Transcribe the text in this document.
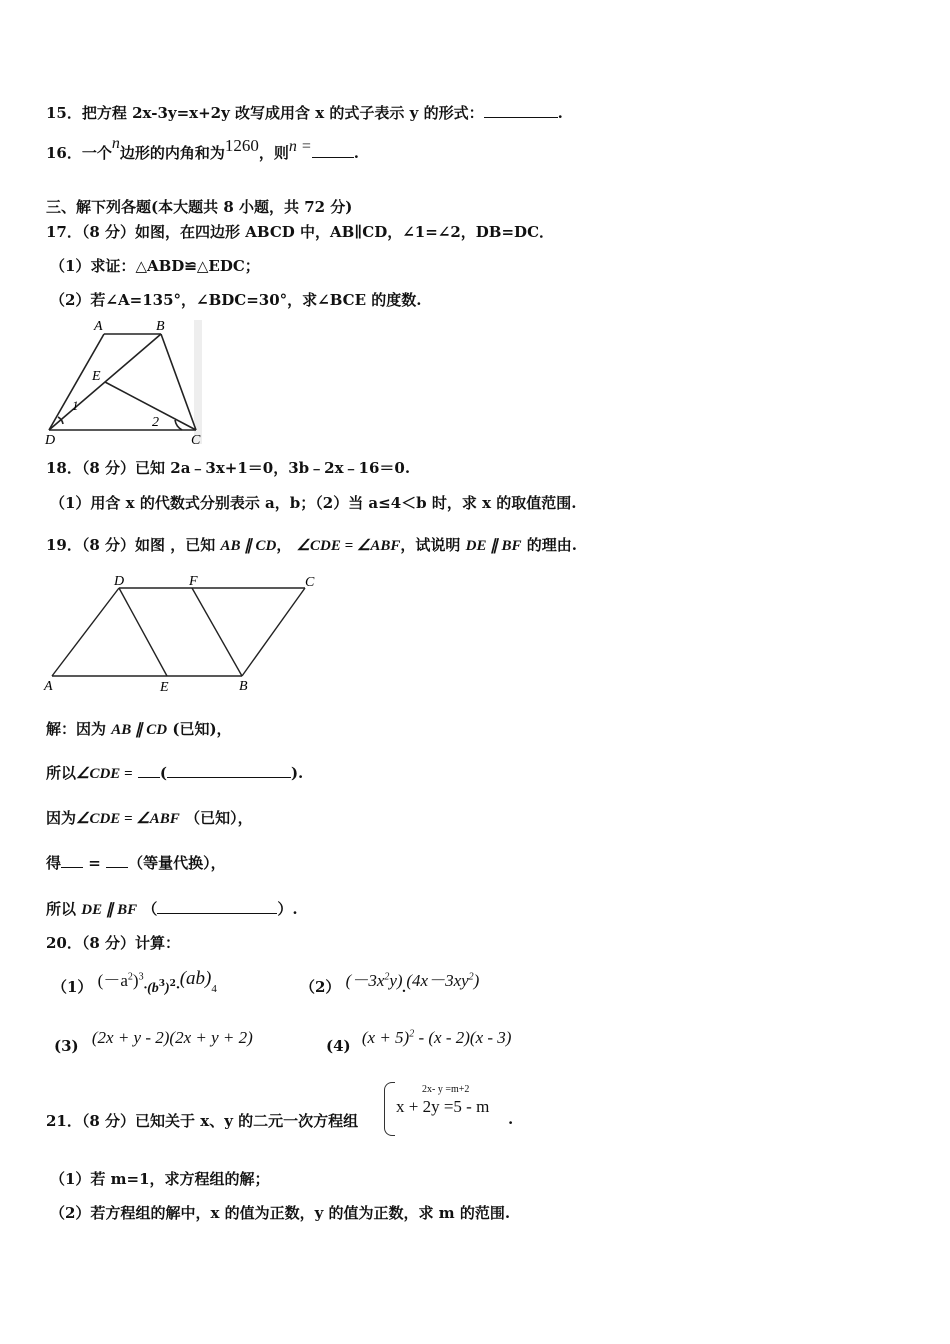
15．把方程 2x-3y=x+2y 改写成用含 x 的式子表示 y 的形式：	.
16．一个n边形的内角和为1260，则n =	.
三、解下列各题(本大题共 8 小题，共 72 分)
17．（8 分）如图，在四边形 ABCD 中，AB∥CD，∠1=∠2，DB=DC．
（1）求证：△ABD≌△EDC；
（2）若∠A=135°，∠BDC=30°，求∠BCE 的度数.
A	B
C
D
E
1
2
18．（8 分）已知 2a﹣3x+1＝0，3b﹣2x﹣16＝0.
（1）用含 x 的代数式分别表示 a，b；（2）当 a≤4＜b 时，求 x 的取值范围.
19．（8 分）如图 ，已知 AB ∥ CD， ∠CDE = ∠ABF，试说明 DE ∥ BF 的理由.
D	F	C
A	E	B
解：因为 AB ∥ CD (已知)，
所以∠CDE = (	).
因为∠CDE = ∠ABF （已知），
得 = （等量代换），
所以 DE ∥ BF （	）.
20．（8 分）计算：
（1） $(-a^2)^3\cdot(b^3)^2\cdot(ab)4$	（2） $(-3x^2y).(4x-3xy^2)$
(3) (2x + y - 2)(2x + y + 2)	(4) $(x + 5)^2 - (x - 2)(x - 3)$
21．（8 分）已知关于 x、y 的二元一次方程组
2x- y =m+2
x + 2y =5 - m
.
（1）若 m=1，求方程组的解；
（2）若方程组的解中，x 的值为正数，y 的值为正数，求 m 的范围.
